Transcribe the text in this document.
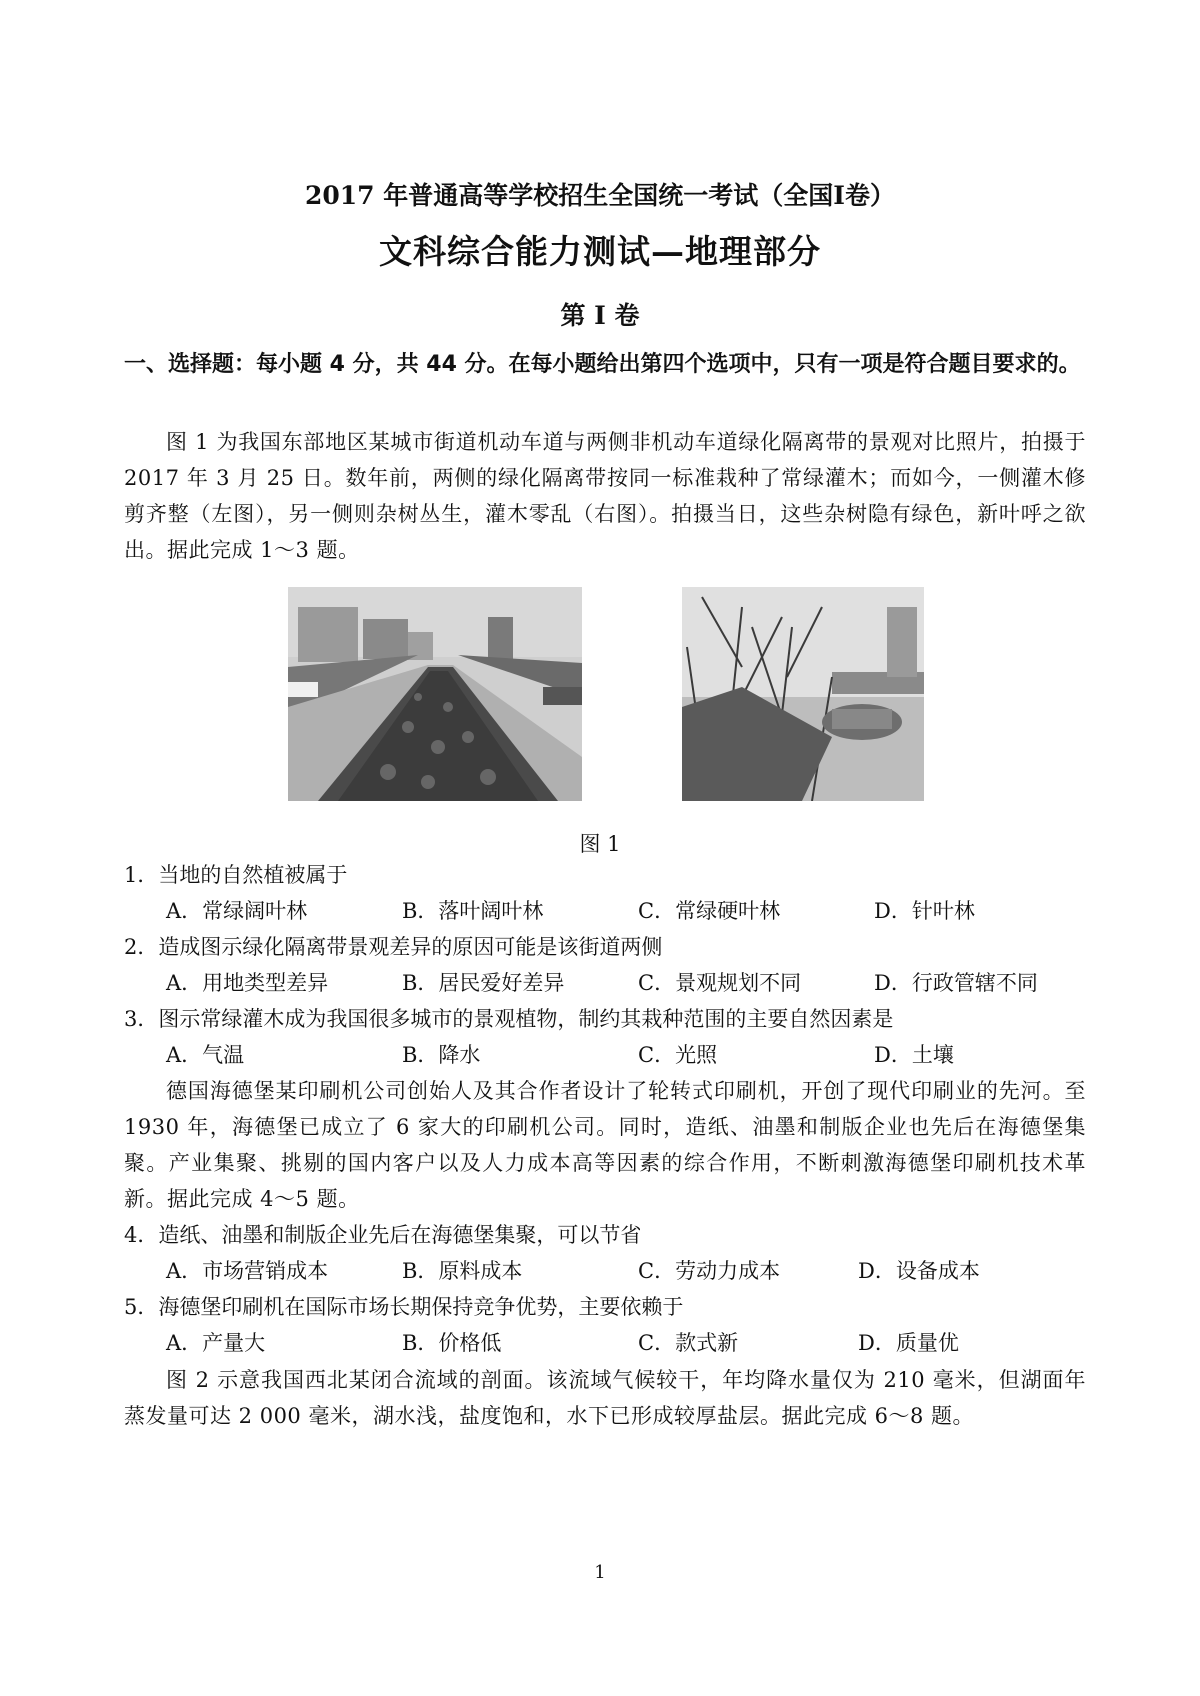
2017 年普通高等学校招生全国统一考试（全国Ⅰ卷）
文科综合能力测试—地理部分
第 I 卷
一、选择题：每小题 4 分，共 44 分。在每小题给出第四个选项中，只有一项是符合题目要求的。
图 1 为我国东部地区某城市街道机动车道与两侧非机动车道绿化隔离带的景观对比照片，拍摄于 2017 年 3 月 25 日。数年前，两侧的绿化隔离带按同一标准栽种了常绿灌木；而如今，一侧灌木修剪齐整（左图），另一侧则杂树丛生，灌木零乱（右图）。拍摄当日，这些杂树隐有绿色，新叶呼之欲出。据此完成 1～3 题。
图 1
1．当地的自然植被属于
A．常绿阔叶林	B．落叶阔叶林	C．常绿硬叶林	D．针叶林
2．造成图示绿化隔离带景观差异的原因可能是该街道两侧
A．用地类型差异	B．居民爱好差异	C．景观规划不同	D．行政管辖不同
3．图示常绿灌木成为我国很多城市的景观植物，制约其栽种范围的主要自然因素是
A．气温	B．降水	C．光照	D．土壤
德国海德堡某印刷机公司创始人及其合作者设计了轮转式印刷机，开创了现代印刷业的先河。至 1930 年，海德堡已成立了 6 家大的印刷机公司。同时，造纸、油墨和制版企业也先后在海德堡集聚。产业集聚、挑剔的国内客户以及人力成本高等因素的综合作用，不断刺激海德堡印刷机技术革新。据此完成 4～5 题。
4．造纸、油墨和制版企业先后在海德堡集聚，可以节省
A．市场营销成本	B．原料成本	C．劳动力成本	D．设备成本
5．海德堡印刷机在国际市场长期保持竞争优势，主要依赖于
A．产量大	B．价格低	C．款式新	D．质量优
图 2 示意我国西北某闭合流域的剖面。该流域气候较干，年均降水量仅为 210 毫米，但湖面年蒸发量可达 2 000 毫米，湖水浅，盐度饱和，水下已形成较厚盐层。据此完成 6～8 题。
1
